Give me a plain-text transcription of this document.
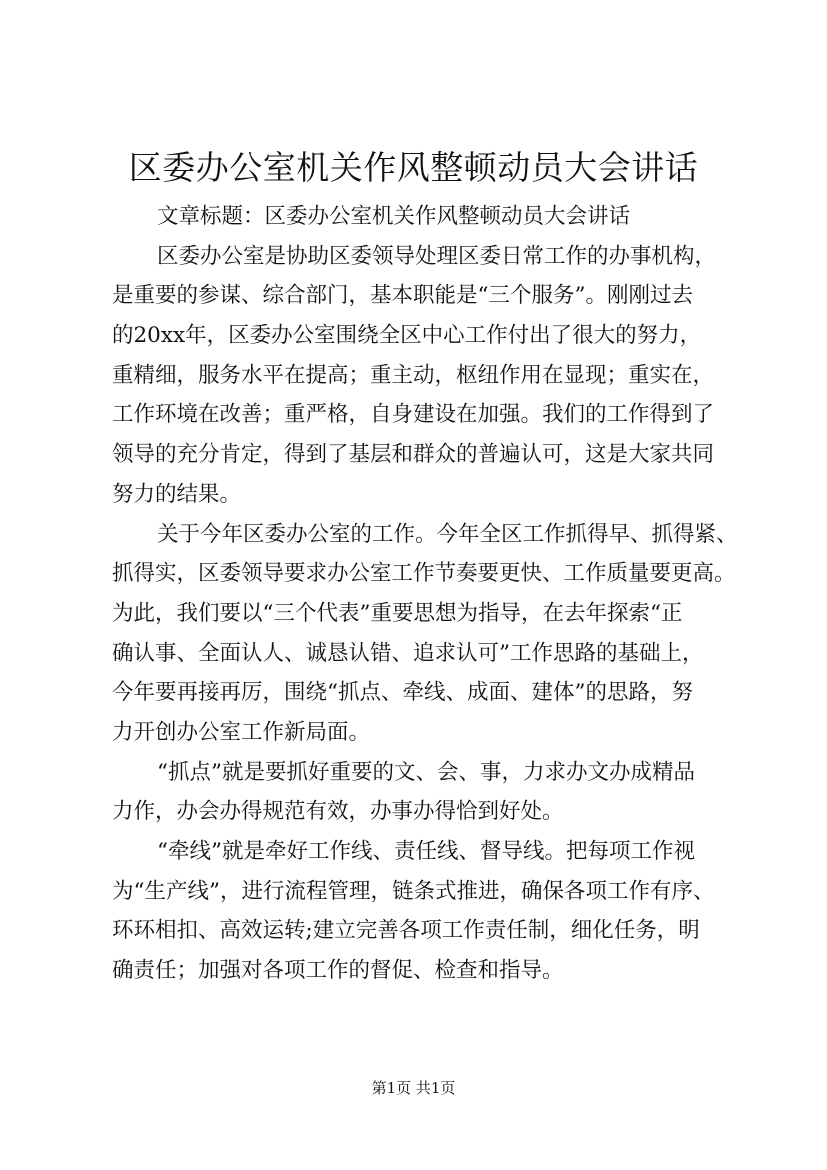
区委办公室机关作风整顿动员大会讲话
文章标题：区委办公室机关作风整顿动员大会讲话
区委办公室是协助区委领导处理区委日常工作的办事机构，
是重要的参谋、综合部门，基本职能是“三个服务”。刚刚过去
的20xx年，区委办公室围绕全区中心工作付出了很大的努力，
重精细，服务水平在提高；重主动，枢纽作用在显现；重实在，
工作环境在改善；重严格，自身建设在加强。我们的工作得到了
领导的充分肯定，得到了基层和群众的普遍认可，这是大家共同
努力的结果。
关于今年区委办公室的工作。今年全区工作抓得早、抓得紧、
抓得实，区委领导要求办公室工作节奏要更快、工作质量要更高。
为此，我们要以“三个代表”重要思想为指导，在去年探索“正
确认事、全面认人、诚恳认错、追求认可”工作思路的基础上，
今年要再接再厉，围绕“抓点、牵线、成面、建体”的思路，努
力开创办公室工作新局面。
“抓点”就是要抓好重要的文、会、事，力求办文办成精品
力作，办会办得规范有效，办事办得恰到好处。
“牵线”就是牵好工作线、责任线、督导线。把每项工作视
为“生产线”，进行流程管理，链条式推进，确保各项工作有序、
环环相扣、高效运转;建立完善各项工作责任制，细化任务，明
确责任；加强对各项工作的督促、检查和指导。
第1页 共1页
